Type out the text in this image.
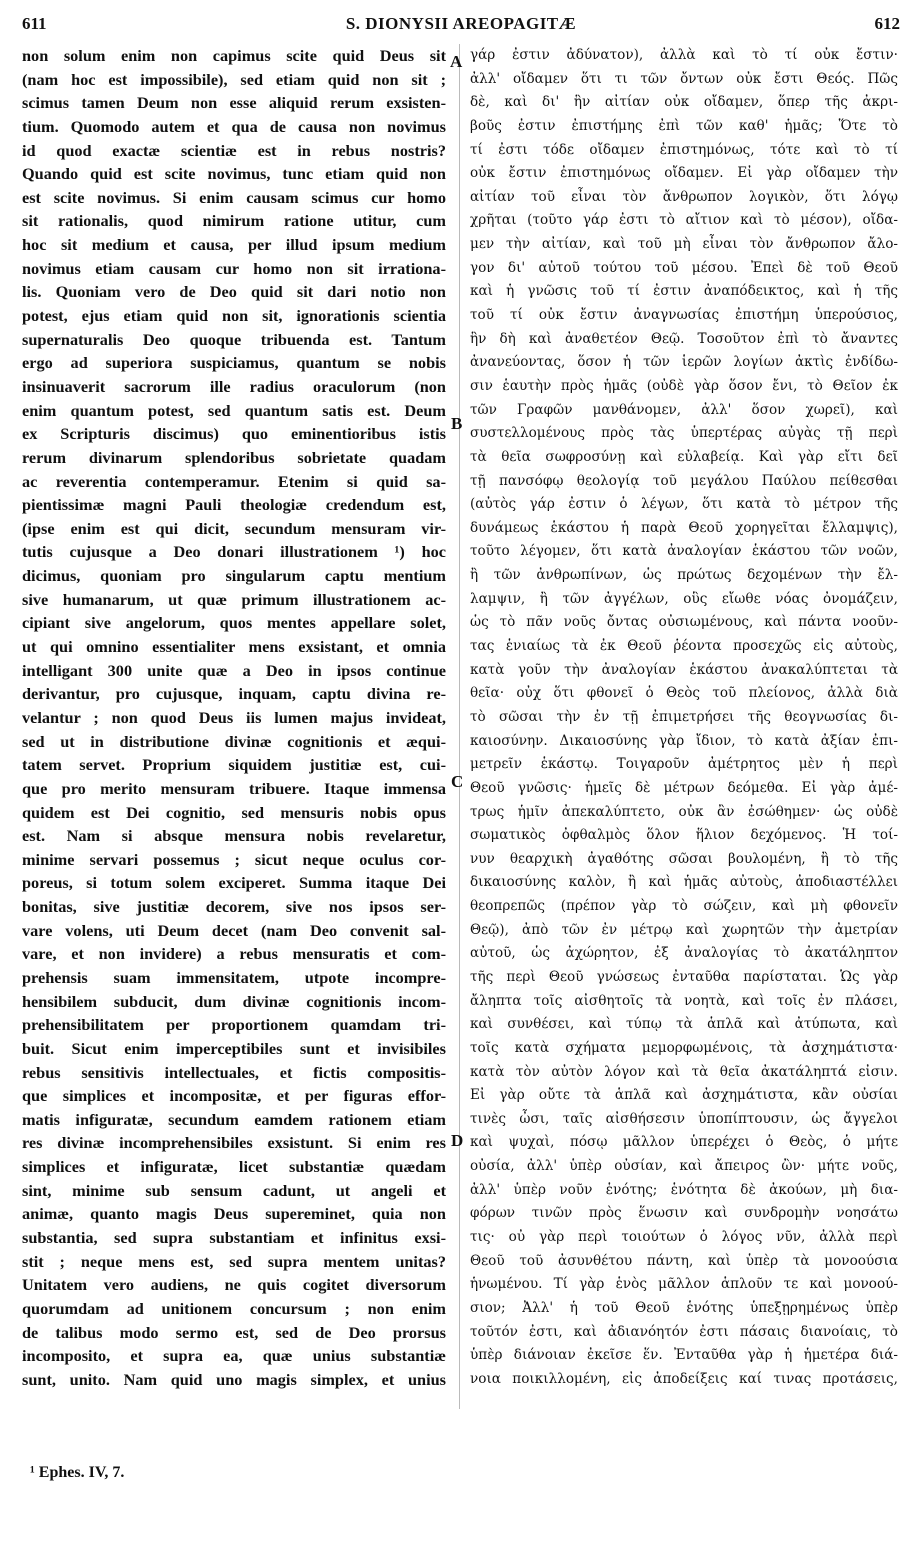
611	S. DIONYSII AREOPAGITÆ	612
non solum enim non capimus scite quid Deus sit
(nam hoc est impossibile), sed etiam quid non sit ;
scimus tamen Deum non esse aliquid rerum exsisten-
tium. Quomodo autem et qua de causa non novimus
id quod exactæ scientiæ est in rebus nostris?
Quando quid est scite novimus, tunc etiam quid non
est scite novimus. Si enim causam scimus cur homo
sit rationalis, quod nimirum ratione utitur, cum
hoc sit medium et causa, per illud ipsum medium
novimus etiam causam cur homo non sit irrationa-
lis. Quoniam vero de Deo quid sit dari notio non
potest, ejus etiam quid non sit, ignorationis scientia
supernaturalis Deo quoque tribuenda est. Tantum
ergo ad superiora suspiciamus, quantum se nobis
insinuaverit sacrorum ille radius oraculorum (non
enim quantum potest, sed quantum satis est. Deum
ex Scripturis discimus) quo eminentioribus istis
rerum divinarum splendoribus sobrietate quadam
ac reverentia contemperamur. Etenim si quid sa-
pientissimæ magni Pauli theologiæ credendum est,
(ipse enim est qui dicit, secundum mensuram vir-
tutis cujusque a Deo donari illustrationem ¹) hoc
dicimus, quoniam pro singularum captu mentium
sive humanarum, ut quæ primum illustrationem ac-
cipiant sive angelorum, quos mentes appellare solet,
ut qui omnino essentialiter mens exsistant, et omnia
intelligant 300 unite quæ a Deo in ipsos continue
derivantur, pro cujusque, inquam, captu divina re-
velantur ; non quod Deus iis lumen majus invideat,
sed ut in distributione divinæ cognitionis et æqui-
tatem servet. Proprium siquidem justitiæ est, cui-
que pro merito mensuram tribuere. Itaque immensa
quidem est Dei cognitio, sed mensuris nobis opus
est. Nam si absque mensura nobis revelaretur,
minime servari possemus ; sicut neque oculus cor-
poreus, si totum solem exciperet. Summa itaque Dei
bonitas, sive justitiæ decorem, sive nos ipsos ser-
vare volens, uti Deum decet (nam Deo convenit sal-
vare, et non invidere) a rebus mensuratis et com-
prehensis suam immensitatem, utpote incompre-
hensibilem subducit, dum divinæ cognitionis incom-
prehensibilitatem per proportionem quamdam tri-
buit. Sicut enim imperceptibiles sunt et invisibiles
rebus sensitivis intellectuales, et fictis compositis-
que simplices et incompositæ, et per figuras effor-
matis infiguratæ, secundum eamdem rationem etiam
res divinæ incomprehensibiles exsistunt. Si enim res
simplices et infiguratæ, licet substantiæ quædam
sint, minime sub sensum cadunt, ut angeli et
animæ, quanto magis Deus supereminet, quia non
substantia, sed supra substantiam et infinitus exsi-
stit ; neque mens est, sed supra mentem unitas?
Unitatem vero audiens, ne quis cogitet diversorum
quorumdam ad unitionem concursum ; non enim
de talibus modo sermo est, sed de Deo prorsus
incomposito, et supra ea, quæ unius substantiæ
sunt, unito. Nam quid uno magis simplex, et unius
γάρ ἐστιν ἀδύνατον), ἀλλὰ καὶ τὸ τί οὐκ ἔστιν·
ἀλλ' οἴδαμεν ὅτι τι τῶν ὄντων οὐκ ἔστι Θεός. Πῶς
δὲ, καὶ δι' ἣν αἰτίαν οὐκ οἴδαμεν, ὅπερ τῆς ἀκρι-
βοῦς ἐστιν ἐπιστήμης ἐπὶ τῶν καθ' ἡμᾶς; Ὅτε τὸ
τί ἐστι τόδε οἴδαμεν ἐπιστημόνως, τότε καὶ τὸ τί
οὐκ ἔστιν ἐπιστημόνως οἴδαμεν. Εἰ γὰρ οἴδαμεν τὴν
αἰτίαν τοῦ εἶναι τὸν ἄνθρωπον λογικὸν, ὅτι λόγῳ
χρῆται (τοῦτο γάρ ἐστι τὸ αἴτιον καὶ τὸ μέσον), οἴδα-
μεν τὴν αἰτίαν, καὶ τοῦ μὴ εἶναι τὸν ἄνθρωπον ἄλο-
γον δι' αὐτοῦ τούτου τοῦ μέσου. Ἐπεὶ δὲ τοῦ Θεοῦ
καὶ ἡ γνῶσις τοῦ τί ἐστιν ἀναπόδεικτος, καὶ ἡ τῆς
τοῦ τί οὐκ ἔστιν ἀναγνωσίας ἐπιστήμη ὑπερούσιος,
ἣν δὴ καὶ ἀναθετέον Θεῷ. Τοσοῦτον ἐπὶ τὸ ἄναντες
ἀνανεύοντας, ὅσον ἡ τῶν ἱερῶν λογίων ἀκτὶς ἐνδίδω-
σιν ἑαυτὴν πρὸς ἡμᾶς (οὐδὲ γὰρ ὅσον ἔνι, τὸ Θεῖον ἐκ
τῶν Γραφῶν μανθάνομεν, ἀλλ' ὅσον χωρεῖ), καὶ
συστελλομένους πρὸς τὰς ὑπερτέρας αὐγὰς τῇ περὶ
τὰ θεῖα σωφροσύνῃ καὶ εὐλαβείᾳ. Καὶ γὰρ εἴτι δεῖ
τῇ πανσόφῳ θεολογίᾳ τοῦ μεγάλου Παύλου πείθεσθαι
(αὐτὸς γάρ ἐστιν ὁ λέγων, ὅτι κατὰ τὸ μέτρον τῆς
δυνάμεως ἑκάστου ἡ παρὰ Θεοῦ χορηγεῖται ἔλλαμψις),
τοῦτο λέγομεν, ὅτι κατὰ ἀναλογίαν ἑκάστου τῶν νοῶν,
ἢ τῶν ἀνθρωπίνων, ὡς πρώτως δεχομένων τὴν ἔλ-
λαμψιν, ἢ τῶν ἀγγέλων, οὓς εἴωθε νόας ὀνομάζειν,
ὡς τὸ πᾶν νοῦς ὄντας οὐσιωμένους, καὶ πάντα νοοῦν-
τας ἑνιαίως τὰ ἐκ Θεοῦ ῥέοντα προσεχῶς εἰς αὐτοὺς,
κατὰ γοῦν τὴν ἀναλογίαν ἑκάστου ἀνακαλύπτεται τὰ
θεῖα· οὐχ ὅτι φθονεῖ ὁ Θεὸς τοῦ πλείονος, ἀλλὰ διὰ
τὸ σῶσαι τὴν ἐν τῇ ἐπιμετρήσει τῆς θεογνωσίας δι-
καιοσύνην. Δικαιοσύνης γὰρ ἴδιον, τὸ κατὰ ἀξίαν ἐπι-
μετρεῖν ἑκάστῳ. Τοιγαροῦν ἀμέτρητος μὲν ἡ περὶ
Θεοῦ γνῶσις· ἡμεῖς δὲ μέτρων δεόμεθα. Εἰ γὰρ ἀμέ-
τρως ἡμῖν ἀπεκαλύπτετο, οὐκ ἂν ἐσώθημεν· ὡς οὐδὲ
σωματικὸς ὀφθαλμὸς ὅλον ἥλιον δεχόμενος. Ἡ τοί-
νυν θεαρχικὴ ἀγαθότης σῶσαι βουλομένη, ἢ τὸ τῆς
δικαιοσύνης καλὸν, ἢ καὶ ἡμᾶς αὐτοὺς, ἀποδιαστέλλει
θεοπρεπῶς (πρέπον γὰρ τὸ σώζειν, καὶ μὴ φθονεῖν
Θεῷ), ἀπὸ τῶν ἐν μέτρῳ καὶ χωρητῶν τὴν ἀμετρίαν
αὐτοῦ, ὡς ἀχώρητον, ἐξ ἀναλογίας τὸ ἀκατάληπτον
τῆς περὶ Θεοῦ γνώσεως ἐνταῦθα παρίσταται. Ὡς γὰρ
ἄληπτα τοῖς αἰσθητοῖς τὰ νοητὰ, καὶ τοῖς ἐν πλάσει,
καὶ συνθέσει, καὶ τύπῳ τὰ ἁπλᾶ καὶ ἀτύπωτα, καὶ
τοῖς κατὰ σχήματα μεμορφωμένοις, τὰ ἀσχημάτιστα·
κατὰ τὸν αὐτὸν λόγον καὶ τὰ θεῖα ἀκατάληπτά εἰσιν.
Εἰ γὰρ οὔτε τὰ ἁπλᾶ καὶ ἀσχημάτιστα, κἂν οὐσίαι
τινὲς ὦσι, ταῖς αἰσθήσεσιν ὑποπίπτουσιν, ὡς ἄγγελοι
καὶ ψυχαὶ, πόσῳ μᾶλλον ὑπερέχει ὁ Θεὸς, ὁ μήτε
οὐσία, ἀλλ' ὑπὲρ οὐσίαν, καὶ ἄπειρος ὢν· μήτε νοῦς,
ἀλλ' ὑπὲρ νοῦν ἑνότης; ἑνότητα δὲ ἀκούων, μὴ δια-
φόρων τινῶν πρὸς ἕνωσιν καὶ συνδρομὴν νοησάτω
τις· οὐ γὰρ περὶ τοιούτων ὁ λόγος νῦν, ἀλλὰ περὶ
Θεοῦ τοῦ ἀσυνθέτου πάντη, καὶ ὑπὲρ τὰ μονοούσια
ἡνωμένου. Τί γὰρ ἑνὸς μᾶλλον ἁπλοῦν τε καὶ μονοού-
σιον; Ἀλλ' ἡ τοῦ Θεοῦ ἑνότης ὑπεξῃρημένως ὑπὲρ
τοῦτόν ἐστι, καὶ ἀδιανόητόν ἐστι πάσαις διανοίαις, τὸ
ὑπὲρ διάνοιαν ἐκεῖσε ἕν. Ἐνταῦθα γὰρ ἡ ἡμετέρα διά-
νοια ποικιλλομένη, εἰς ἀποδείξεις καί τινας προτάσεις,
A
B
C
D
¹ Ephes. IV, 7.
